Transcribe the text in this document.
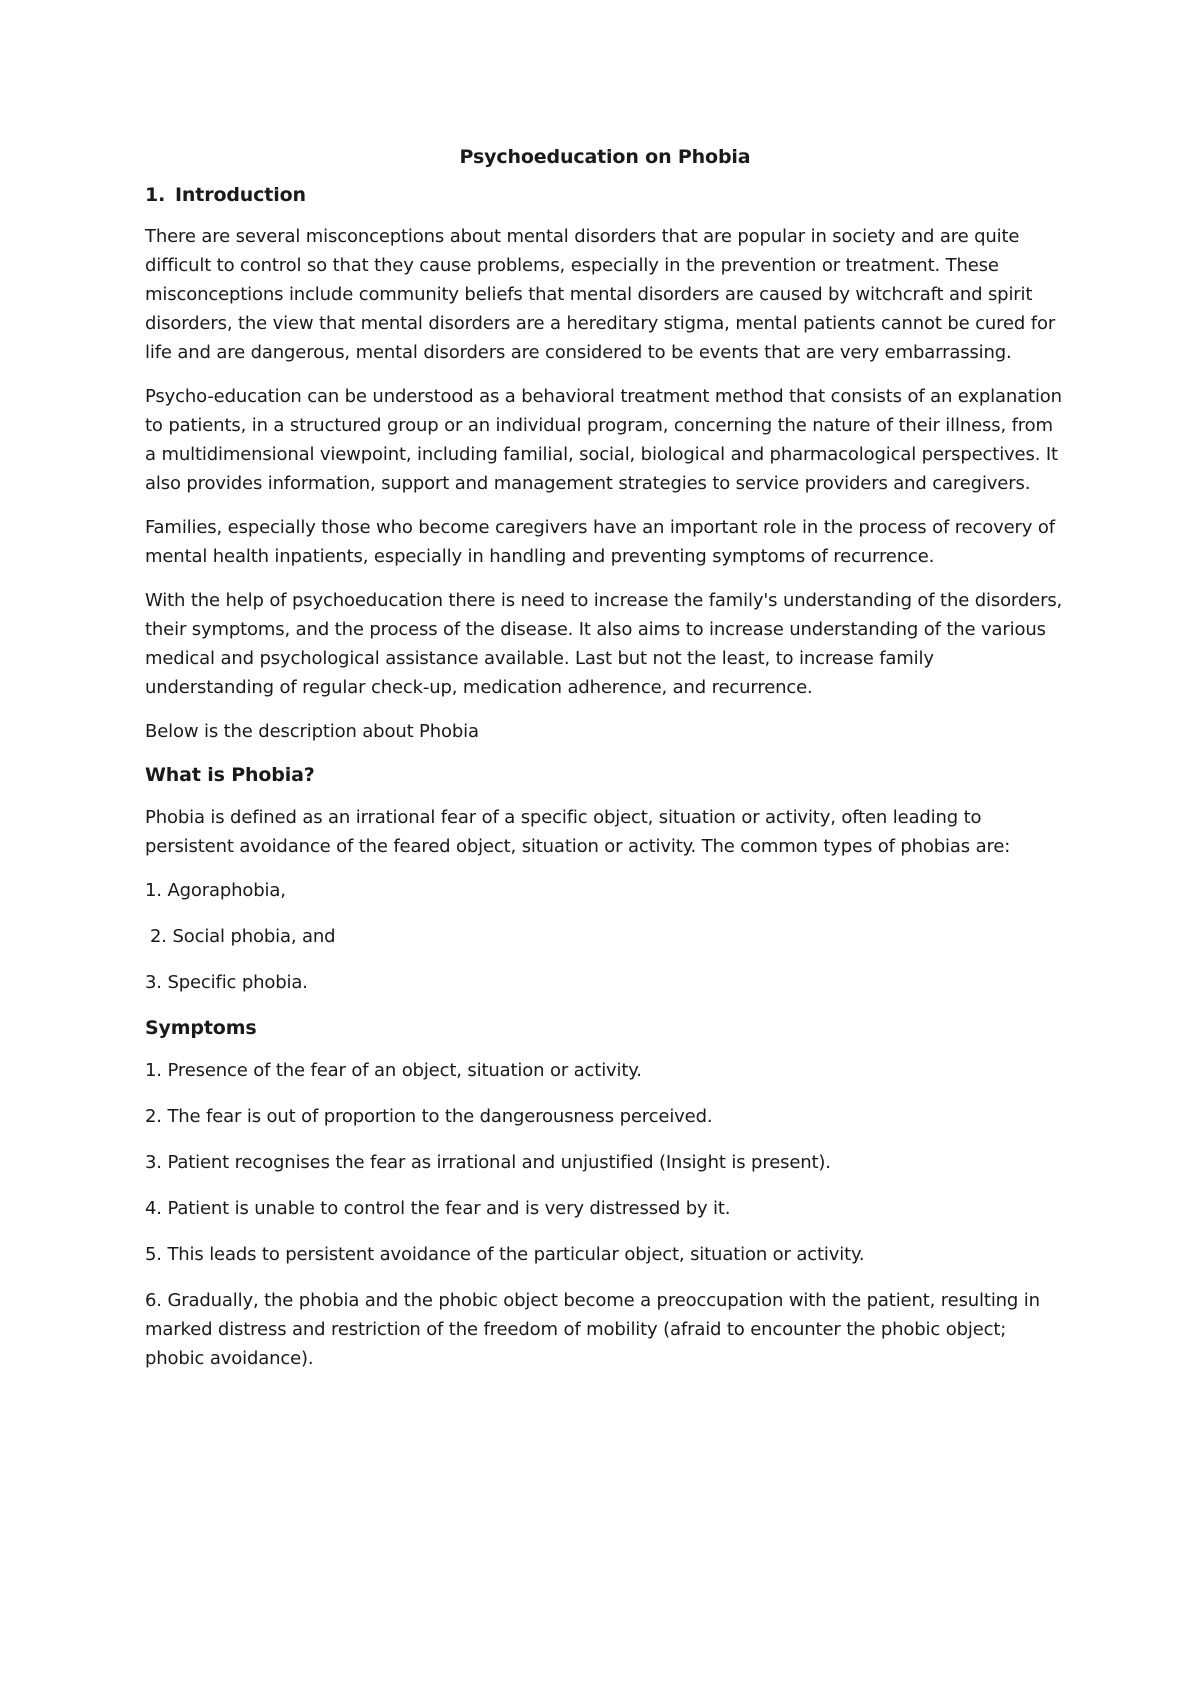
Psychoeducation on Phobia
1. Introduction

There are several misconceptions about mental disorders that are popular in society and are quite difficult to control so that they cause problems, especially in the prevention or treatment. These misconceptions include community beliefs that mental disorders are caused by witchcraft and spirit disorders, the view that mental disorders are a hereditary stigma, mental patients cannot be cured for life and are dangerous, mental disorders are considered to be events that are very embarrassing.

Psycho-education can be understood as a behavioral treatment method that consists of an explanation to patients, in a structured group or an individual program, concerning the nature of their illness, from a multidimensional viewpoint, including familial, social, biological and pharmacological perspectives. It also provides information, support and management strategies to service providers and caregivers.

Families, especially those who become caregivers have an important role in the process of recovery of mental health inpatients, especially in handling and preventing symptoms of recurrence.

With the help of psychoeducation there is need to increase the family's understanding of the disorders, their symptoms, and the process of the disease. It also aims to increase understanding of the various medical and psychological assistance available. Last but not the least, to increase family understanding of regular check-up, medication adherence, and recurrence.

Below is the description about Phobia

What is Phobia?

Phobia is defined as an irrational fear of a specific object, situation or activity, often leading to persistent avoidance of the feared object, situation or activity. The common types of phobias are:

1. Agoraphobia,
2. Social phobia, and
3. Specific phobia.
Symptoms
1. Presence of the fear of an object, situation or activity.
2. The fear is out of proportion to the dangerousness perceived.
3. Patient recognises the fear as irrational and unjustified (Insight is present).
4. Patient is unable to control the fear and is very distressed by it.
5. This leads to persistent avoidance of the particular object, situation or activity.
6. Gradually, the phobia and the phobic object become a preoccupation with the patient, resulting in marked distress and restriction of the freedom of mobility (afraid to encounter the phobic object; phobic avoidance).
